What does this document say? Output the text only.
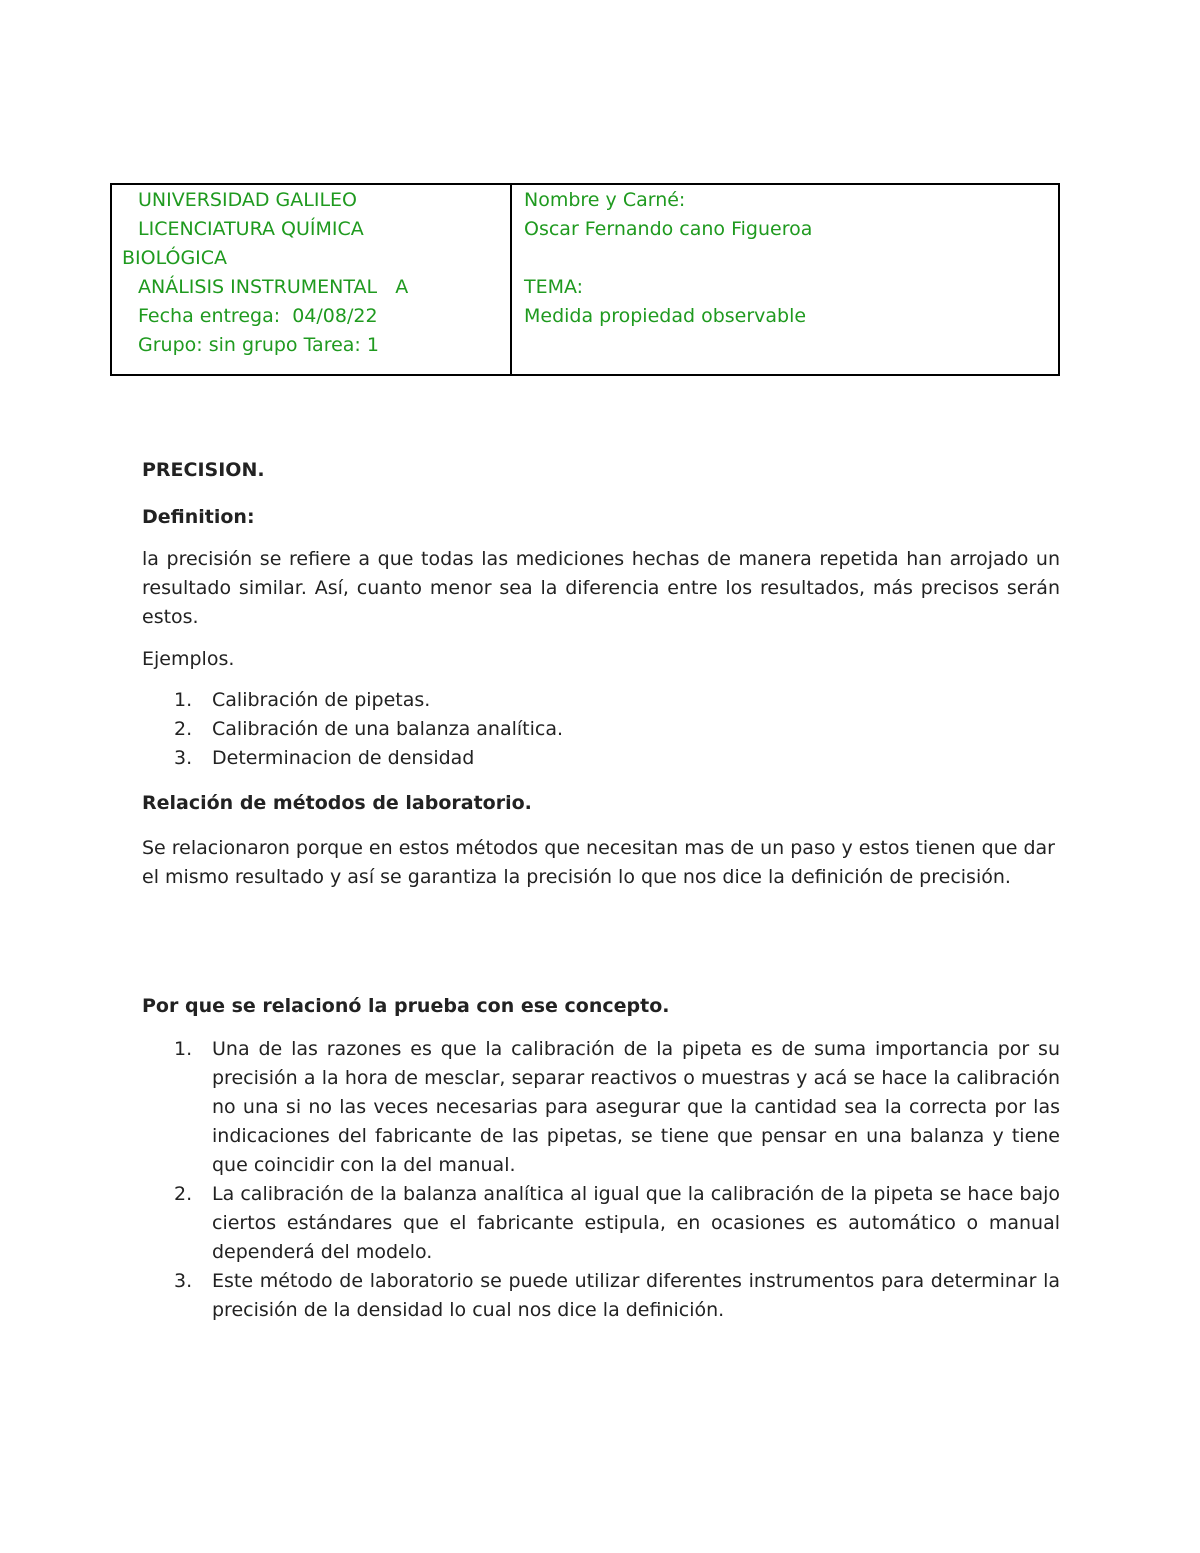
UNIVERSIDAD GALILEO
LICENCIATURA QUÍMICA
BIOLÓGICA
ANÁLISIS INSTRUMENTAL   A
Fecha entrega:  04/08/22
Grupo: sin grupo Tarea: 1
Nombre y Carné:
Oscar Fernando cano Figueroa
TEMA:
Medida propiedad observable

PRECISION.

Definition:

la precisión se refiere a que todas las mediciones hechas de manera repetida han arrojado un resultado similar. Así, cuanto menor sea la diferencia entre los resultados, más precisos serán estos.

Ejemplos.

1. Calibración de pipetas.
2. Calibración de una balanza analítica.
3. Determinacion de densidad

Relación de métodos de laboratorio.

Se relacionaron porque en estos métodos que necesitan mas de un paso y estos tienen que dar el mismo resultado y así se garantiza la precisión lo que nos dice la definición de precisión.

Por que se relacionó la prueba con ese concepto.

1. Una de las razones es que la calibración de la pipeta es de suma importancia por su precisión a la hora de mesclar, separar reactivos o muestras y acá se hace la calibración no una si no las veces necesarias para asegurar que la cantidad sea la correcta por las indicaciones del fabricante de las pipetas, se tiene que pensar en una balanza y tiene que coincidir con la del manual.
2. La calibración de la balanza analítica al igual que la calibración de la pipeta se hace bajo ciertos estándares que el fabricante estipula, en ocasiones es automático o manual dependerá del modelo.
3. Este método de laboratorio se puede utilizar diferentes instrumentos para determinar la precisión de la densidad lo cual nos dice la definición.
